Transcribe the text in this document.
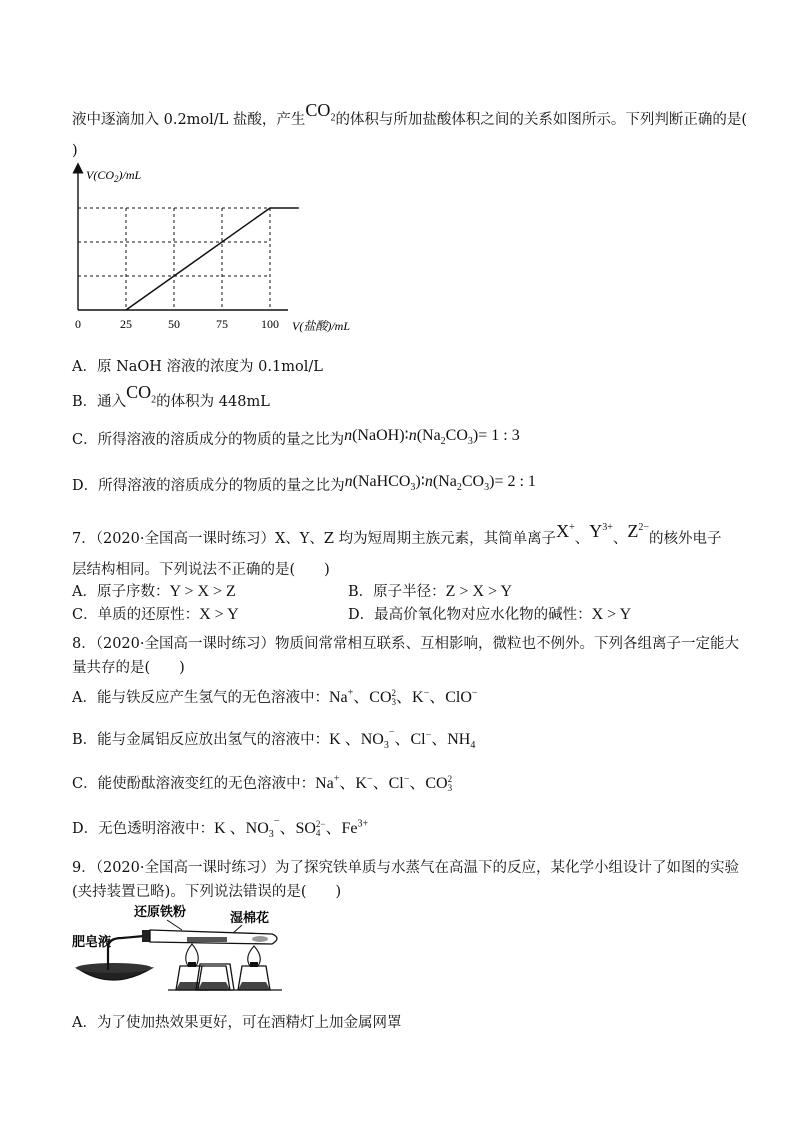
液中逐滴加入 0.2mol/L 盐酸，产生$CO_2$的体积与所加盐酸体积之间的关系如图所示。下列判断正确的是(
)
0	25	50	75	100
$V(CO_2)/mL$
V(盐酸)/mL
A．原 NaOH 溶液的浓度为 0.1mol/L
B．通入$CO_2$的体积为 448mL
C．所得溶液的溶质成分的物质的量之比为$n(NaOH)∶n(Na_2CO_3)= 1$ : 3
D．所得溶液的溶质成分的物质的量之比为$n(NaHCO_3)∶n(Na_2CO_3)= 2$ : 1
7．（2020·全国高一课时练习）X、Y、Z 均为短周期主族元素，其简单离子X+、$Y^{3+}$、$Z^{2-}$的核外电子
层结构相同。下列说法不正确的是(　　)
A．原子序数：Y > X > Z	B．原子半径：Z > X > Y
C．单质的还原性：X > Y	D．最高价氧化物对应水化物的碱性：X > Y
8．（2020·全国高一课时练习）物质间常常相互联系、互相影响，微粒也不例外。下列各组离子一定能大
量共存的是(　　)
A．能与铁反应产生氢气的无色溶液中：Na+、CO 2
3 、K−、ClO−
B．能与金属铝反应放出氢气的溶液中：K 、$NO_3^-$、Cl−、$NH_4$
C．能使酚酞溶液变红的无色溶液中：Na+、K−、Cl−、CO 2
3
D．无色透明溶液中：K 、$NO_3^-$、SO 2−
4 、$Fe^{3+}$
9．（2020·全国高一课时练习）为了探究铁单质与水蒸气在高温下的反应，某化学小组设计了如图的实验
(夹持装置已略)。下列说法错误的是(　　)
还原铁粉	湿棉花
肥皂液
A．为了使加热效果更好，可在酒精灯上加金属网罩
